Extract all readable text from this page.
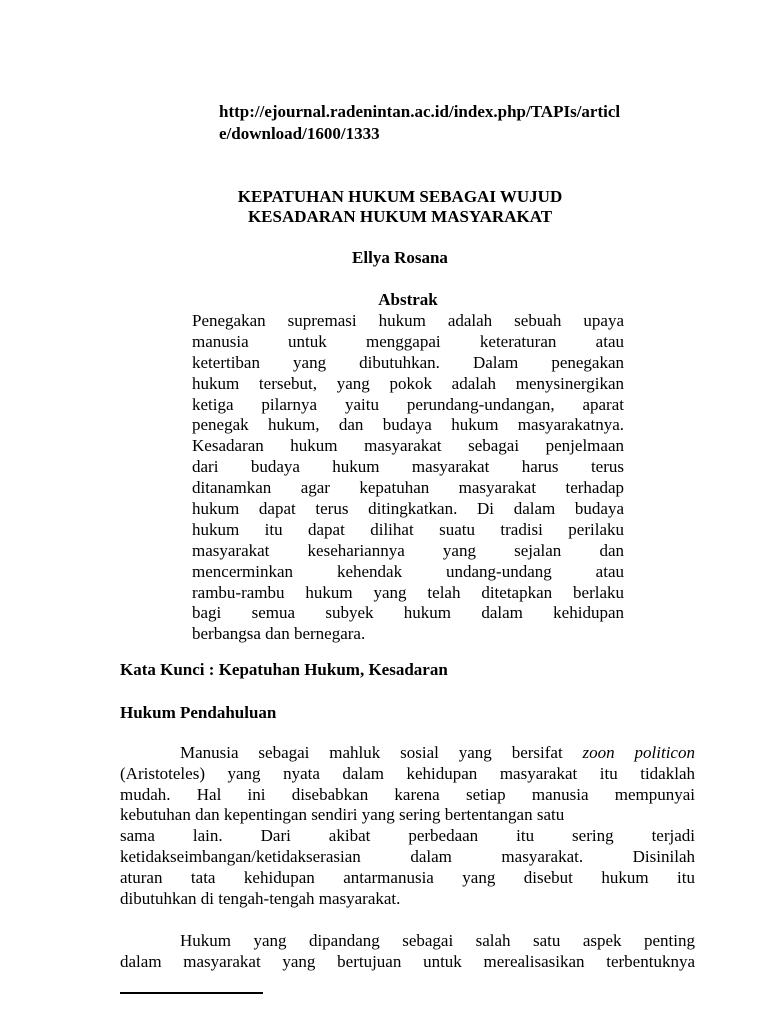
http://ejournal.radenintan.ac.id/index.php/TAPIs/articl
e/download/1600/1333
KEPATUHAN HUKUM SEBAGAI WUJUD
KESADARAN HUKUM MASYARAKAT
Ellya Rosana
Abstrak
Penegakan supremasi hukum adalah sebuah upaya
manusia untuk menggapai keteraturan atau
ketertiban yang dibutuhkan. Dalam penegakan
hukum tersebut, yang pokok adalah menysinergikan
ketiga pilarnya yaitu perundang-undangan, aparat
penegak hukum, dan budaya hukum masyarakatnya.
Kesadaran hukum masyarakat sebagai penjelmaan
dari budaya hukum masyarakat harus terus
ditanamkan agar kepatuhan masyarakat terhadap
hukum dapat terus ditingkatkan. Di dalam budaya
hukum itu dapat dilihat suatu tradisi perilaku
masyarakat kesehariannya yang sejalan dan
mencerminkan kehendak undang-undang atau
rambu-rambu hukum yang telah ditetapkan berlaku
bagi semua subyek hukum dalam kehidupan
berbangsa dan bernegara.
Kata Kunci : Kepatuhan Hukum, Kesadaran
Hukum Pendahuluan
Manusia sebagai mahluk sosial yang bersifat zoon politicon
(Aristoteles) yang nyata dalam kehidupan masyarakat itu tidaklah
mudah. Hal ini disebabkan karena setiap manusia mempunyai
kebutuhan dan kepentingan sendiri yang sering bertentangan satu
sama lain. Dari akibat perbedaan itu sering terjadi
ketidakseimbangan/ketidakserasian dalam masyarakat. Disinilah
aturan tata kehidupan antarmanusia yang disebut hukum itu
dibutuhkan di tengah-tengah masyarakat.
Hukum yang dipandang sebagai salah satu aspek penting
dalam masyarakat yang bertujuan untuk merealisasikan terbentuknya
